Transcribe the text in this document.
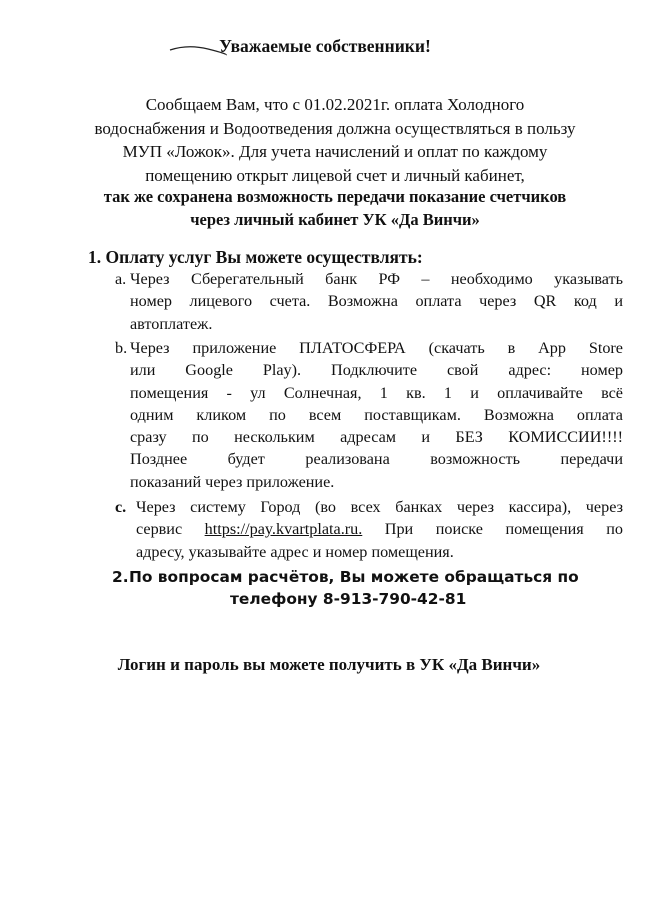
Уважаемые собственники!
Сообщаем Вам, что с 01.02.2021г. оплата Холодного
водоснабжения и Водоотведения должна осуществляться в пользу
МУП «Ложок». Для учета начислений и оплат по каждому
помещению открыт лицевой счет и личный кабинет,
так же сохранена возможность передачи показание счетчиков
через личный кабинет УК «Да Винчи»
1. Оплату услуг Вы можете осуществлять:
a. Через Сберегательный банк РФ – необходимо указывать
номер лицевого счета. Возможна оплата через QR код и
автоплатеж.
b. Через приложение ПЛАТОСФЕРА (скачать в App Store
или Google Play). Подключите свой адрес: номер
помещения - ул Солнечная, 1 кв. 1 и оплачивайте всё
одним кликом по всем поставщикам. Возможна оплата
сразу по нескольким адресам и БЕЗ КОМИССИИ!!!!
Позднее будет реализована возможность передачи
показаний через приложение.
c. Через систему Город (во всех банках через кассира), через
сервис https://pay.kvartplata.ru. При поиске помещения по
адресу, указывайте адрес и номер помещения.
2. По вопросам расчётов, Вы можете обращаться по
телефону 8-913-790-42-81
Логин и пароль вы можете получить в УК «Да Винчи»
